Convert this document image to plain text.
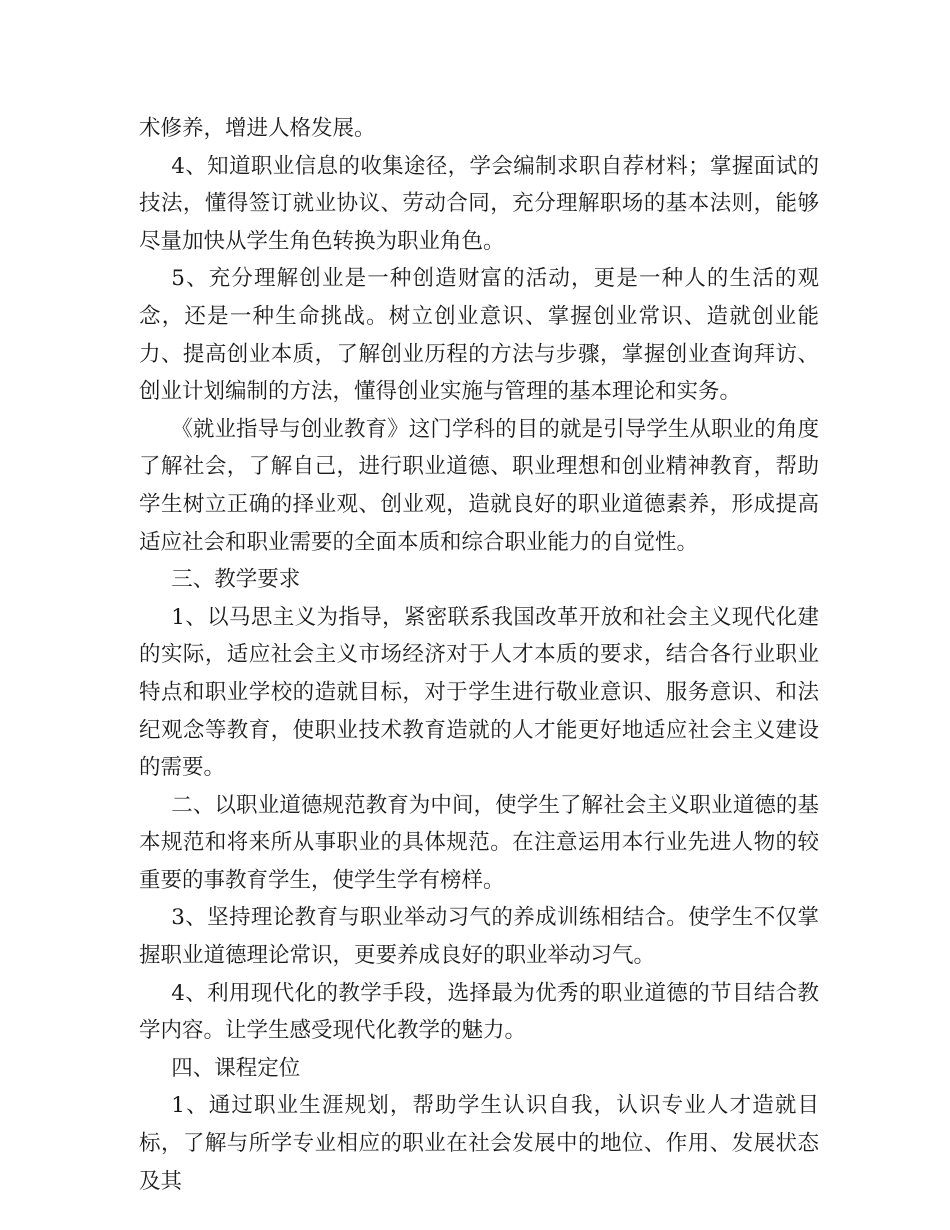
术修养，增进人格发展。

4、知道职业信息的收集途径，学会编制求职自荐材料；掌握面试的技法，懂得签订就业协议、劳动合同，充分理解职场的基本法则，能够尽量加快从学生角色转换为职业角色。

5、充分理解创业是一种创造财富的活动，更是一种人的生活的观念，还是一种生命挑战。树立创业意识、掌握创业常识、造就创业能力、提高创业本质，了解创业历程的方法与步骤，掌握创业查询拜访、创业计划编制的方法，懂得创业实施与管理的基本理论和实务。

《就业指导与创业教育》这门学科的目的就是引导学生从职业的角度了解社会，了解自己，进行职业道德、职业理想和创业精神教育，帮助学生树立正确的择业观、创业观，造就良好的职业道德素养，形成提高适应社会和职业需要的全面本质和综合职业能力的自觉性。

三、教学要求

1、以马思主义为指导，紧密联系我国改革开放和社会主义现代化建的实际，适应社会主义市场经济对于人才本质的要求，结合各行业职业特点和职业学校的造就目标，对于学生进行敬业意识、服务意识、和法纪观念等教育，使职业技术教育造就的人才能更好地适应社会主义建设的需要。

二、以职业道德规范教育为中间，使学生了解社会主义职业道德的基本规范和将来所从事职业的具体规范。在注意运用本行业先进人物的较重要的事教育学生，使学生学有榜样。

3、坚持理论教育与职业举动习气的养成训练相结合。使学生不仅掌握职业道德理论常识，更要养成良好的职业举动习气。

4、利用现代化的教学手段，选择最为优秀的职业道德的节目结合教学内容。让学生感受现代化教学的魅力。

四、课程定位

1、通过职业生涯规划，帮助学生认识自我，认识专业人才造就目标，了解与所学专业相应的职业在社会发展中的地位、作用、发展状态及其
